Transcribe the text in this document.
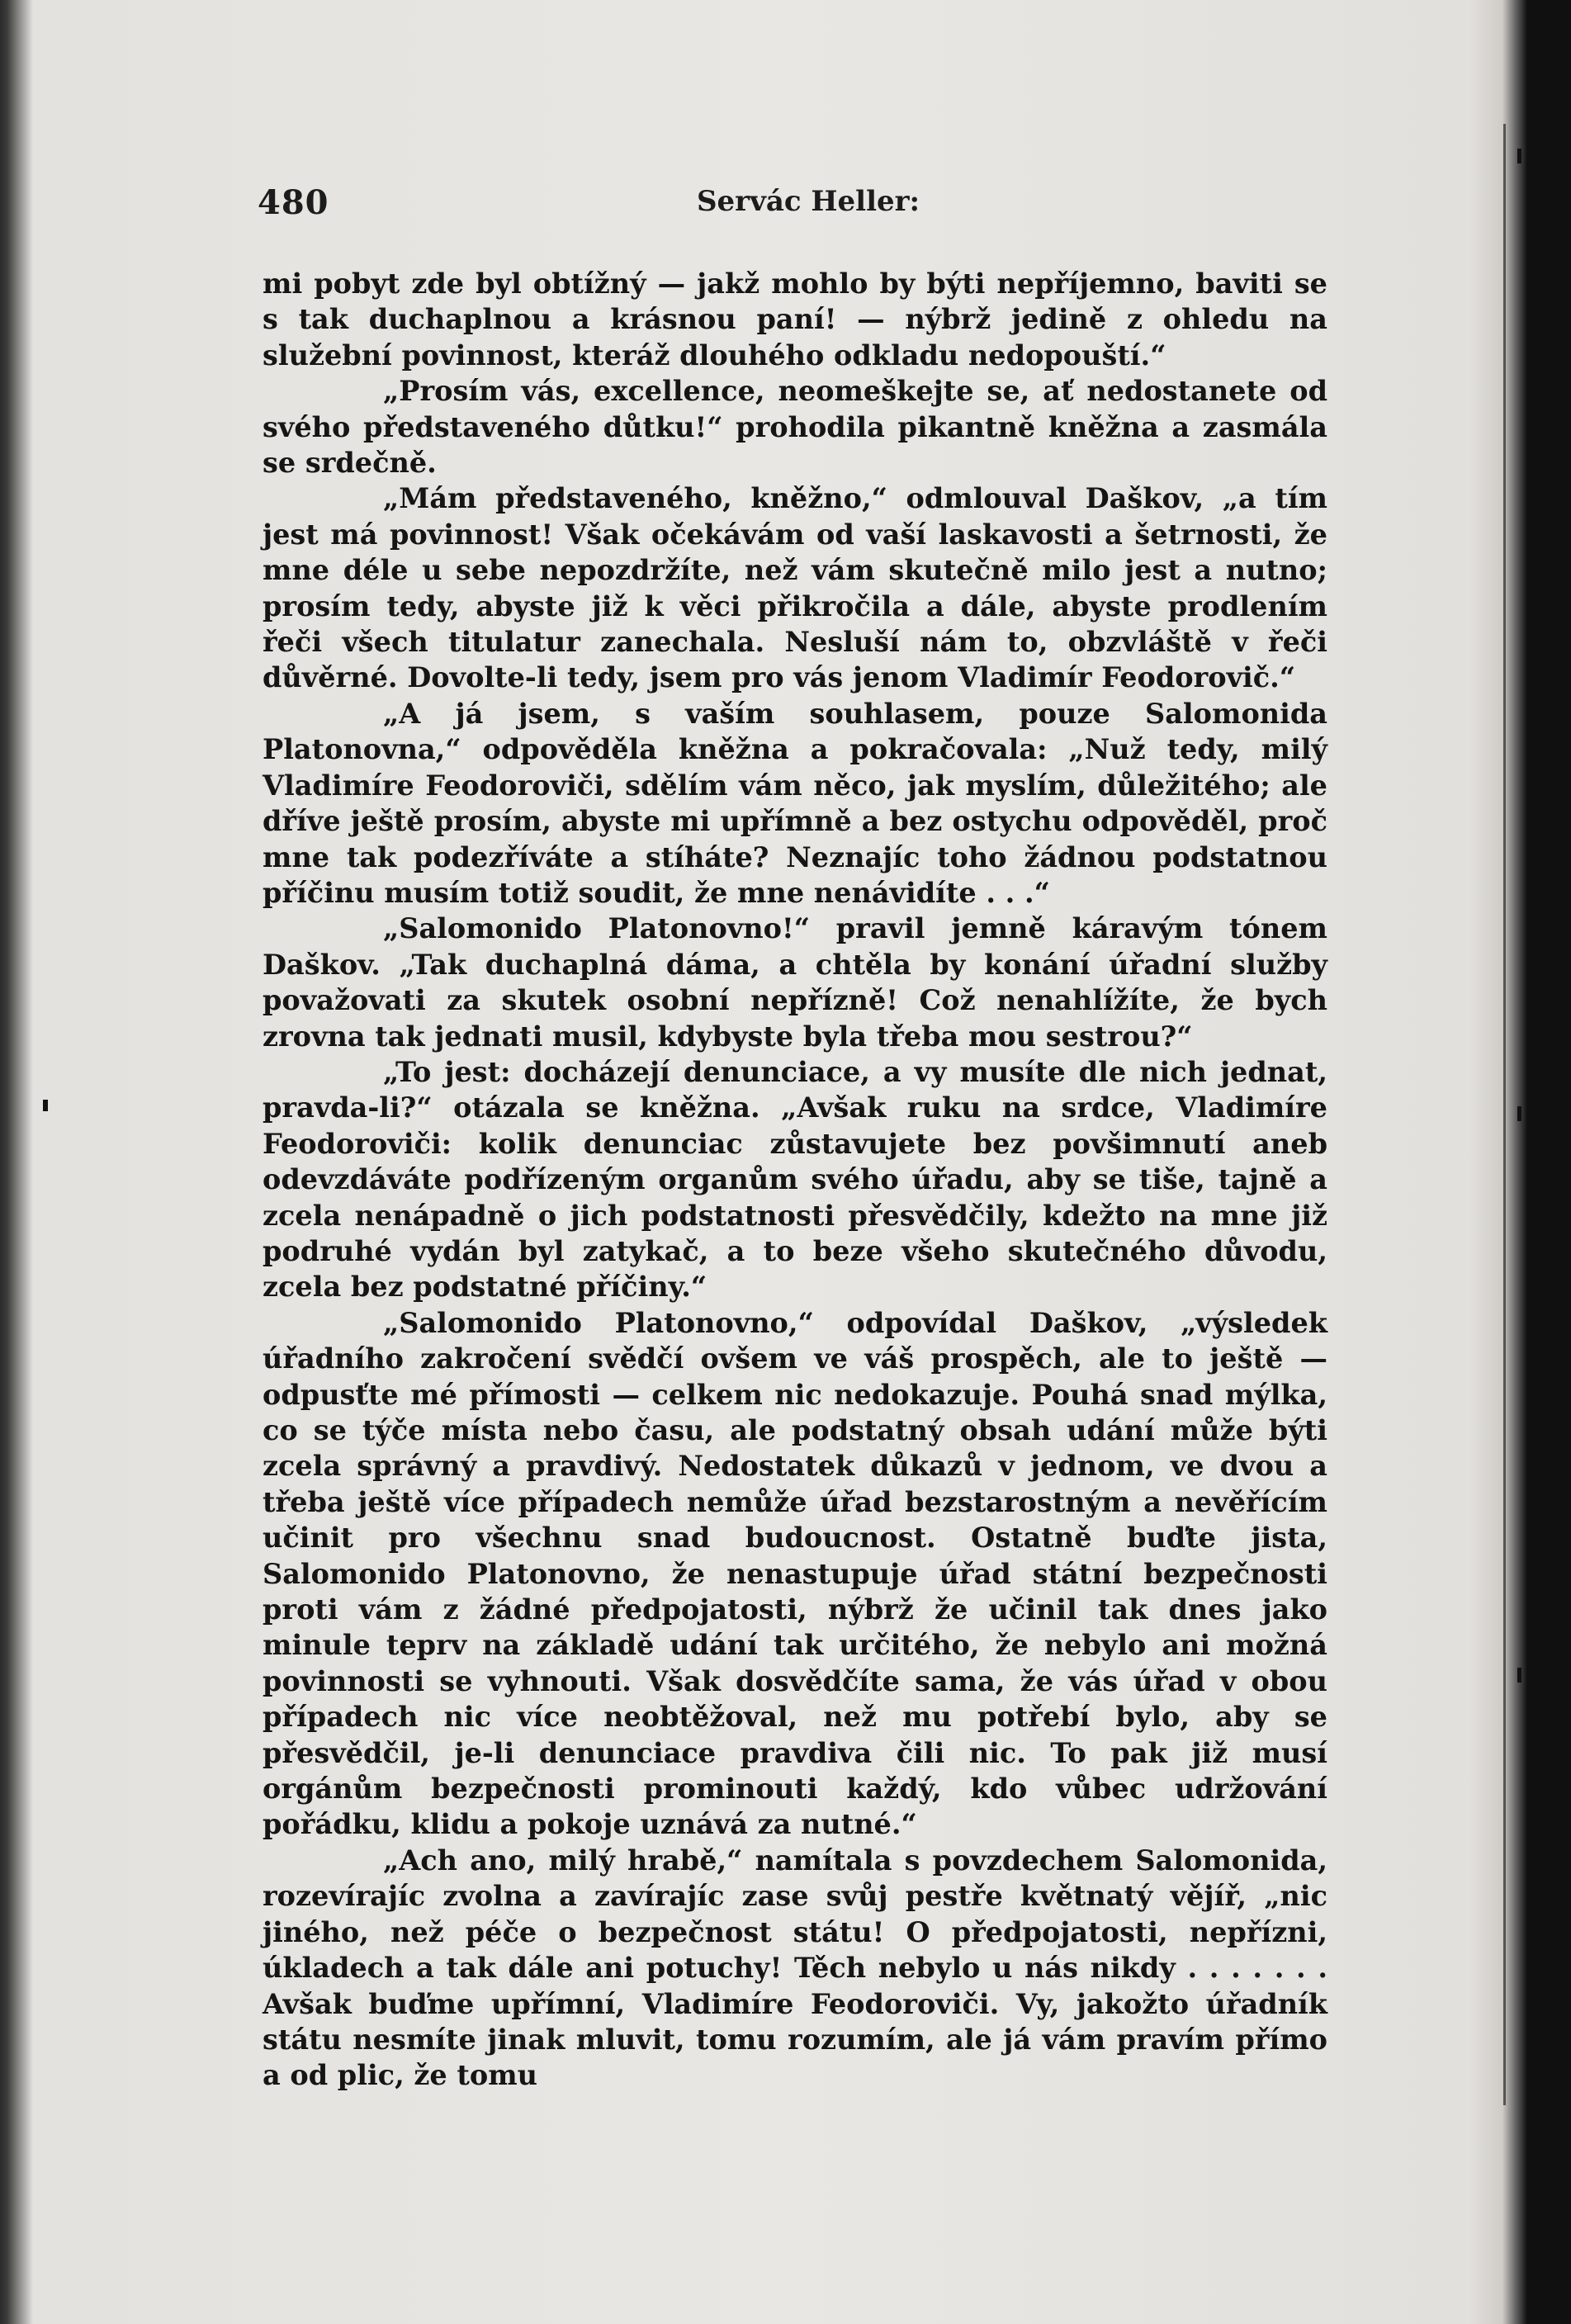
480	Servác Heller:

mi pobyt zde byl obtížný — jakž mohlo by býti nepříjemno, baviti se s tak duchaplnou a krásnou paní! — nýbrž jedině z ohledu na služební povinnost, kteráž dlouhého odkladu nedopouští.“

„Prosím vás, excellence, neomeškejte se, ať nedostanete od svého představeného důtku!“ prohodila pikantně kněžna a zasmála se srdečně.

„Mám představeného, kněžno,“ odmlouval Daškov, „a tím jest má povinnost! Však očekávám od vaší laskavosti a šetrnosti, že mne déle u sebe nepozdržíte, než vám skutečně milo jest a nutno; prosím tedy, abyste již k věci přikročila a dále, abyste prodlením řeči všech titulatur zanechala. Nesluší nám to, obzvláště v řeči důvěrné. Dovolte-li tedy, jsem pro vás jenom Vladimír Feodorovič.“

„A já jsem, s vaším souhlasem, pouze Salomonida Platonovna,“ odpověděla kněžna a pokračovala: „Nuž tedy, milý Vladimíre Feodoroviči, sdělím vám něco, jak myslím, důležitého; ale dříve ještě prosím, abyste mi upřímně a bez ostychu odpověděl, proč mne tak podezříváte a stíháte? Neznajíc toho žádnou podstatnou příčinu musím totiž soudit, že mne nenávidíte . . .“

„Salomonido Platonovno!“ pravil jemně káravým tónem Daškov. „Tak duchaplná dáma, a chtěla by konání úřadní služby považovati za skutek osobní nepřízně! Což nenahlížíte, že bych zrovna tak jednati musil, kdybyste byla třeba mou sestrou?“

„To jest: docházejí denunciace, a vy musíte dle nich jednat, pravda-li?“ otázala se kněžna. „Avšak ruku na srdce, Vladimíre Feodoroviči: kolik denunciac zůstavujete bez povšimnutí aneb odevzdáváte podřízeným organům svého úřadu, aby se tiše, tajně a zcela nenápadně o jich podstatnosti přesvědčily, kdežto na mne již podruhé vydán byl zatykač, a to beze všeho skutečného důvodu, zcela bez podstatné příčiny.“

„Salomonido Platonovno,“ odpovídal Daškov, „výsledek úřadního zakročení svědčí ovšem ve váš prospěch, ale to ještě — odpusťte mé přímosti — celkem nic nedokazuje. Pouhá snad mýlka, co se týče místa nebo času, ale podstatný obsah udání může býti zcela správný a pravdivý. Nedostatek důkazů v jednom, ve dvou a třeba ještě více případech nemůže úřad bezstarostným a nevěřícím učinit pro všechnu snad budoucnost. Ostatně buďte jista, Salomonido Platonovno, že nenastupuje úřad státní bezpečnosti proti vám z žádné předpojatosti, nýbrž že učinil tak dnes jako minule teprv na základě udání tak určitého, že nebylo ani možná povinnosti se vyhnouti. Však dosvědčíte sama, že vás úřad v obou případech nic více neobtěžoval, než mu potřebí bylo, aby se přesvědčil, je-li denunciace pravdiva čili nic. To pak již musí orgánům bezpečnosti prominouti každý, kdo vůbec udržování pořádku, klidu a pokoje uznává za nutné.“

„Ach ano, milý hrabě,“ namítala s povzdechem Salomonida, rozevírajíc zvolna a zavírajíc zase svůj pestře květnatý vějíř, „nic jiného, než péče o bezpečnost státu! O předpojatosti, nepřízni, úkladech a tak dále ani potuchy! Těch nebylo u nás nikdy . . . . . . . Avšak buďme upřímní, Vladimíre Feodoroviči. Vy, jakožto úřadník státu nesmíte jinak mluvit, tomu rozumím, ale já vám pravím přímo a od plic, že tomu
